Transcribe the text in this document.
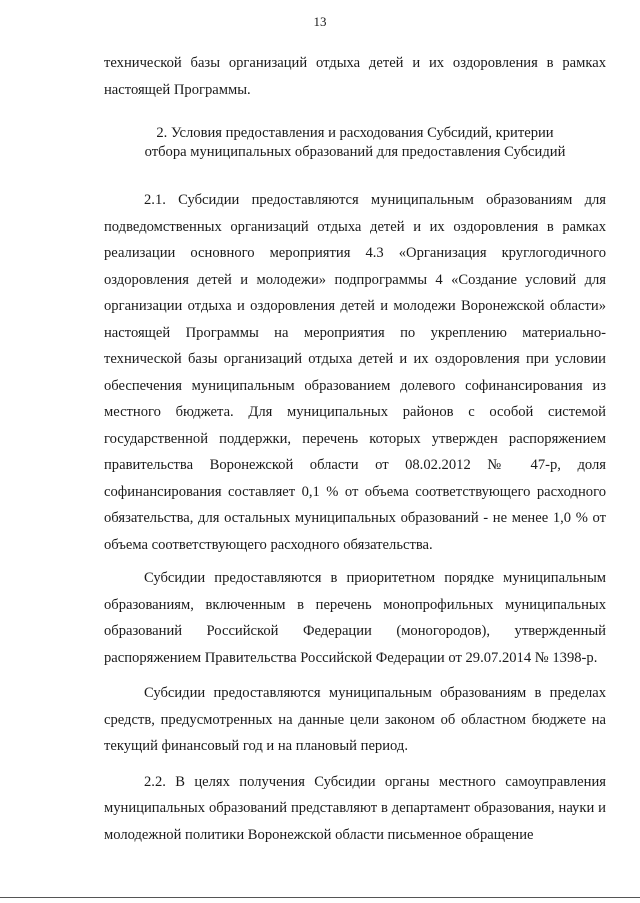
13

технической базы организаций отдыха детей и их оздоровления в рамках настоящей Программы.

2. Условия предоставления и расходования Субсидий, критерии
отбора муниципальных образований для предоставления Субсидий

2.1. Субсидии предоставляются муниципальным образованиям для подведомственных организаций отдыха детей и их оздоровления в рамках реализации основного мероприятия 4.3 «Организация круглогодичного оздоровления детей и молодежи» подпрограммы 4 «Создание условий для организации отдыха и оздоровления детей и молодежи Воронежской области» настоящей Программы на мероприятия по укреплению материально-технической базы организаций отдыха детей и их оздоровления при условии обеспечения муниципальным образованием долевого софинансирования из местного бюджета. Для муниципальных районов с особой системой государственной поддержки, перечень которых утвержден распоряжением правительства Воронежской области от 08.02.2012 № 47-р, доля софинансирования составляет 0,1 % от объема соответствующего расходного обязательства, для остальных муниципальных образований - не менее 1,0 % от объема соответствующего расходного обязательства.

Субсидии предоставляются в приоритетном порядке муниципальным образованиям, включенным в перечень монопрофильных муниципальных образований Российской Федерации (моногородов), утвержденный распоряжением Правительства Российской Федерации от 29.07.2014 № 1398-р.

Субсидии предоставляются муниципальным образованиям в пределах средств, предусмотренных на данные цели законом об областном бюджете на текущий финансовый год и на плановый период.

2.2. В целях получения Субсидии органы местного самоуправления муниципальных образований представляют в департамент образования, науки и молодежной политики Воронежской области письменное обращение
